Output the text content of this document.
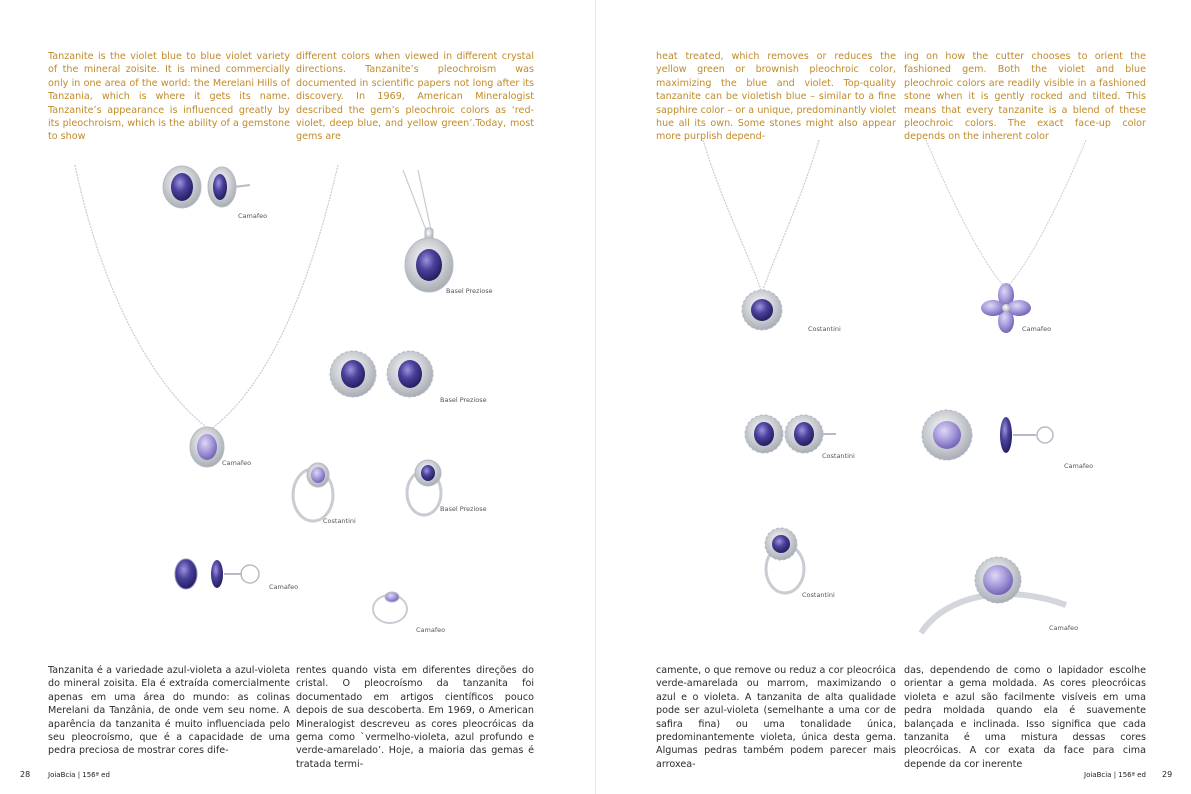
Tanzanite is the violet blue to blue violet variety of the mineral zoisite. It is mined commercially only in one area of the world: the Merelani Hills of Tanzania, which is where it gets its name. Tanzanite’s appearance is influenced greatly by its pleochroism, which is the ability of a gemstone to show
different colors when viewed in different crystal directions. Tanzanite’s pleochroism was documented in scientific papers not long after its discovery. In 1969, American Mineralogist described the gem’s pleochroic colors as ‘red-violet, deep blue, and yellow green’.Today, most gems are
Camafeo
Camafeo
Basel Preziose
Basel Preziose
Costantini
Basel Preziose
Camafeo
Camafeo
Tanzanita é a variedade azul-violeta a azul-violeta do mineral zoisita. Ela é extraída comercialmente apenas em uma área do mundo: as colinas Merelani da Tanzânia, de onde vem seu nome. A aparência da tanzanita é muito influenciada pelo seu pleocroísmo, que é a capacidade de uma pedra preciosa de mostrar cores dife-
rentes quando vista em diferentes direções do cristal. O pleocroísmo da tanzanita foi documentado em artigos científicos pouco depois de sua descoberta. Em 1969, o American Mineralogist descreveu as cores pleocróicas da gema como `vermelho-violeta, azul profundo e verde-amarelado’. Hoje, a maioria das gemas é tratada termi-
28	JoiaBcia | 156ª ed
heat treated, which removes or reduces the yellow green or brownish pleochroic color, maximizing the blue and violet. Top-quality tanzanite can be violetish blue – similar to a fine sapphire color – or a unique, predominantly violet hue all its own. Some stones might also appear more purplish depend-
ing on how the cutter chooses to orient the fashioned gem. Both the violet and blue pleochroic colors are readily visible in a fashioned stone when it is gently rocked and tilted. This means that every tanzanite is a blend of these pleochroic colors. The exact face-up color depends on the inherent color
Costantini	Camafeo
Costantini
Camafeo
Costantini
Camafeo
camente, o que remove ou reduz a cor pleocróica verde-amarelada ou marrom, maximizando o azul e o violeta. A tanzanita de alta qualidade pode ser azul-violeta (semelhante a uma cor de safira fina) ou uma tonalidade única, predominantemente violeta, única desta gema. Algumas pedras também podem parecer mais arroxea-
das, dependendo de como o lapidador escolhe orientar a gema moldada. As cores pleocróicas violeta e azul são facilmente visíveis em uma pedra moldada quando ela é suavemente balançada e inclinada. Isso significa que cada tanzanita é uma mistura dessas cores pleocróicas. A cor exata da face para cima depende da cor inerente
JoiaBcia | 156ª ed 29
